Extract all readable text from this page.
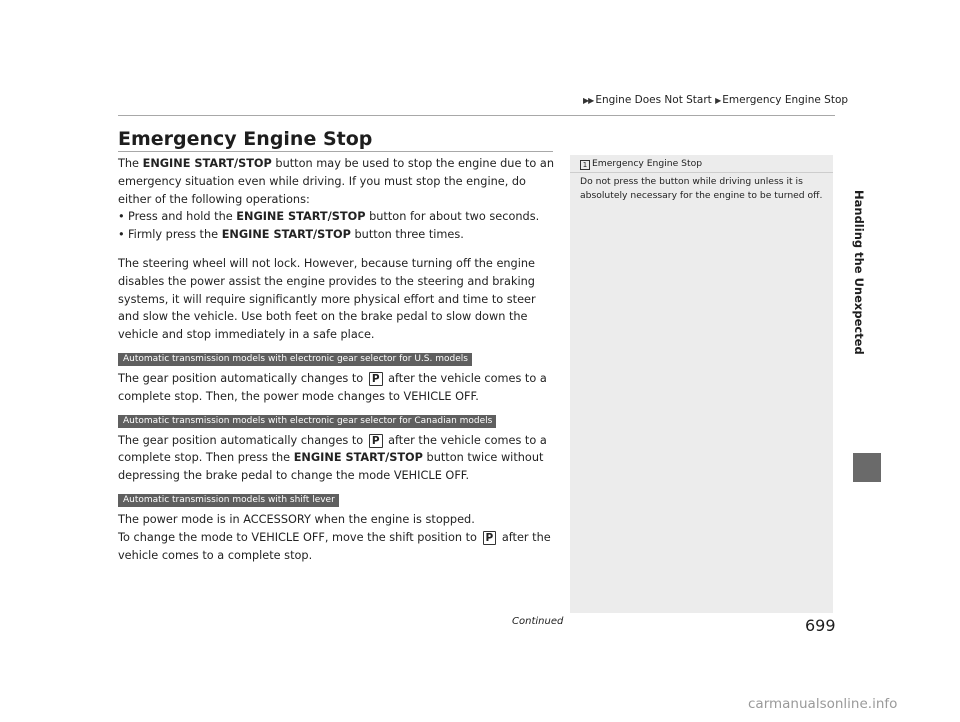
▶▶ Engine Does Not Start ▶ Emergency Engine Stop
Emergency Engine Stop

The ENGINE START/STOP button may be used to stop the engine due to an emergency situation even while driving. If you must stop the engine, do either of the following operations:

• Press and hold the ENGINE START/STOP button for about two seconds.

• Firmly press the ENGINE START/STOP button three times.

The steering wheel will not lock. However, because turning off the engine disables the power assist the engine provides to the steering and braking systems, it will require significantly more physical effort and time to steer and slow the vehicle. Use both feet on the brake pedal to slow down the vehicle and stop immediately in a safe place.

Automatic transmission models with electronic gear selector for U.S. models

The gear position automatically changes to P after the vehicle comes to a complete stop. Then, the power mode changes to VEHICLE OFF.

Automatic transmission models with electronic gear selector for Canadian models

The gear position automatically changes to P after the vehicle comes to a complete stop. Then press the ENGINE START/STOP button twice without depressing the brake pedal to change the mode VEHICLE OFF.

Automatic transmission models with shift lever

The power mode is in ACCESSORY when the engine is stopped.

To change the mode to VEHICLE OFF, move the shift position to P after the vehicle comes to a complete stop.

1 Emergency Engine Stop
Do not press the button while driving unless it is absolutely necessary for the engine to be turned off.	Handling the Unexpected
Continued	699
carmanualsonline.info
